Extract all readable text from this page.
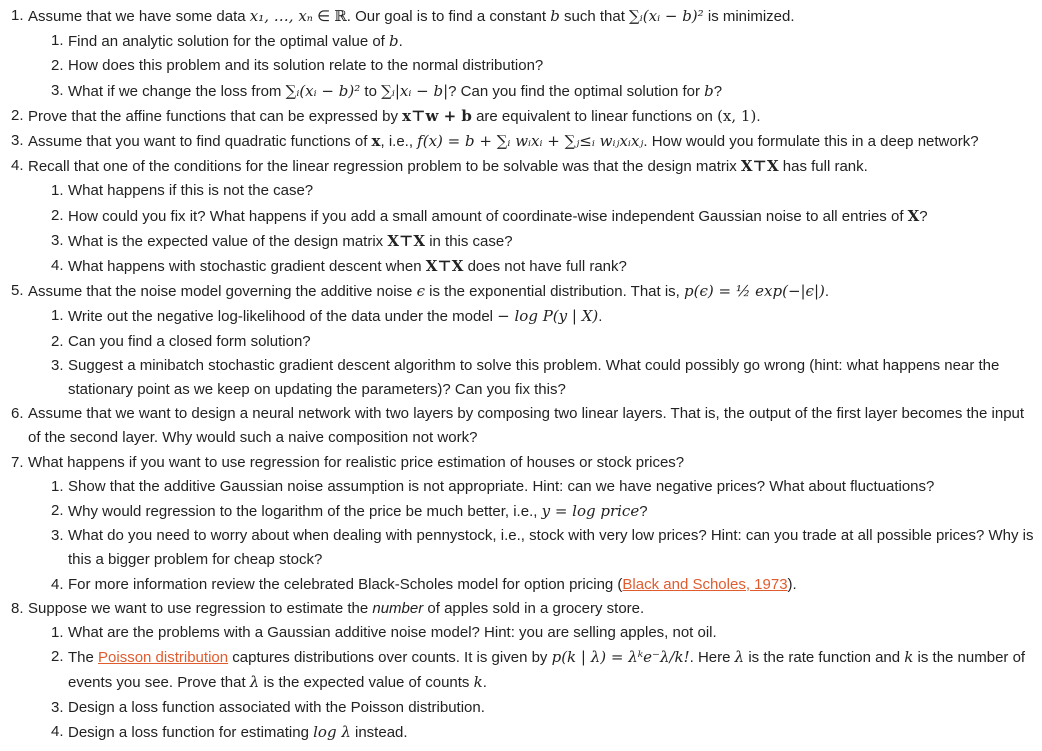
1. Assume that we have some data x₁, …, xₙ ∈ ℝ. Our goal is to find a constant b such that ∑ᵢ(xᵢ − b)² is minimized.
1. Find an analytic solution for the optimal value of b.
2. How does this problem and its solution relate to the normal distribution?
3. What if we change the loss from ∑ᵢ(xᵢ − b)² to ∑ᵢ|xᵢ − b|? Can you find the optimal solution for b?
2. Prove that the affine functions that can be expressed by x⊤w + b are equivalent to linear functions on (x, 1).
3. Assume that you want to find quadratic functions of x, i.e., f(x) = b + ∑ᵢ wᵢxᵢ + ∑ⱼ≤ᵢ wᵢⱼxᵢxⱼ. How would you formulate this in a deep network?
4. Recall that one of the conditions for the linear regression problem to be solvable was that the design matrix X⊤X has full rank.
1. What happens if this is not the case?
2. How could you fix it? What happens if you add a small amount of coordinate-wise independent Gaussian noise to all entries of X?
3. What is the expected value of the design matrix X⊤X in this case?
4. What happens with stochastic gradient descent when X⊤X does not have full rank?
5. Assume that the noise model governing the additive noise ϵ is the exponential distribution. That is, p(ϵ) = ½ exp(−|ϵ|).
1. Write out the negative log-likelihood of the data under the model − log P(y | X).
2. Can you find a closed form solution?
3. Suggest a minibatch stochastic gradient descent algorithm to solve this problem. What could possibly go wrong (hint: what happens near the stationary point as we keep on updating the parameters)? Can you fix this?
6. Assume that we want to design a neural network with two layers by composing two linear layers. That is, the output of the first layer becomes the input of the second layer. Why would such a naive composition not work?
7. What happens if you want to use regression for realistic price estimation of houses or stock prices?
1. Show that the additive Gaussian noise assumption is not appropriate. Hint: can we have negative prices? What about fluctuations?
2. Why would regression to the logarithm of the price be much better, i.e., y = log price?
3. What do you need to worry about when dealing with pennystock, i.e., stock with very low prices? Hint: can you trade at all possible prices? Why is this a bigger problem for cheap stock?
4. For more information review the celebrated Black-Scholes model for option pricing (Black and Scholes, 1973).
8. Suppose we want to use regression to estimate the number of apples sold in a grocery store.
1. What are the problems with a Gaussian additive noise model? Hint: you are selling apples, not oil.
2. The Poisson distribution captures distributions over counts. It is given by p(k | λ) = λᵏe⁻λ/k!. Here λ is the rate function and k is the number of events you see. Prove that λ is the expected value of counts k.
3. Design a loss function associated with the Poisson distribution.
4. Design a loss function for estimating log λ instead.
